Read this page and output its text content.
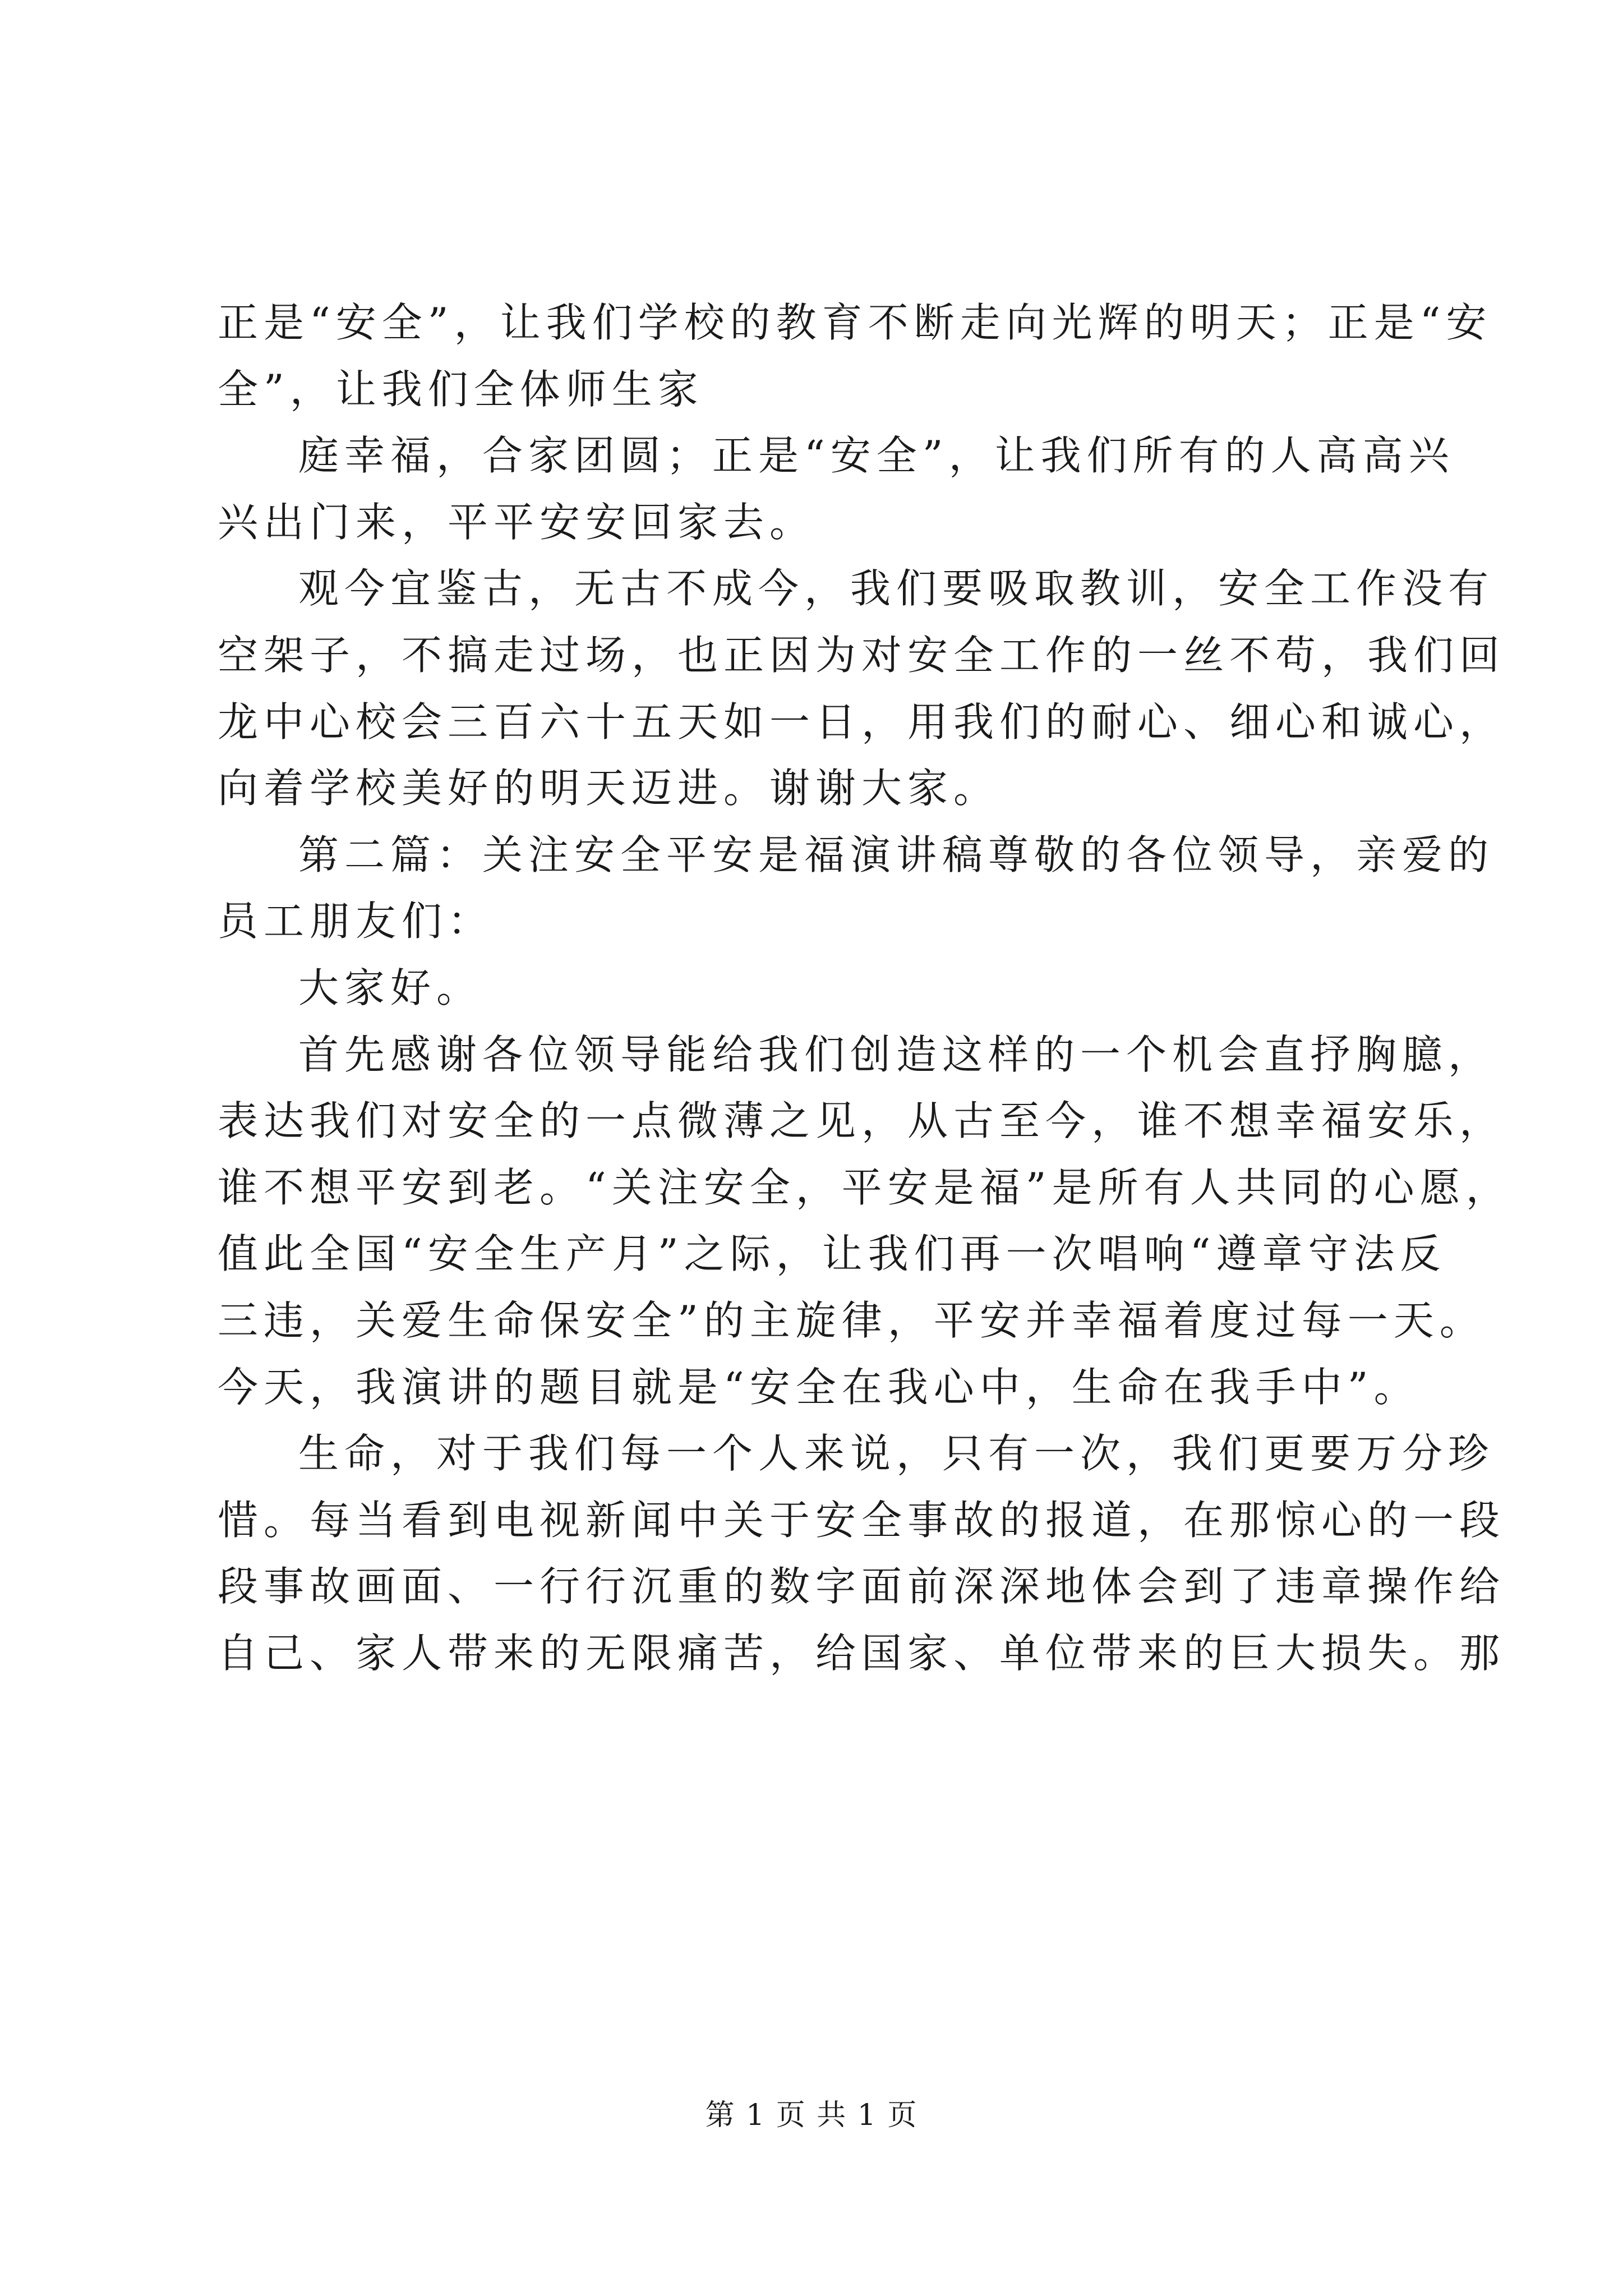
正是“安全”，让我们学校的教育不断走向光辉的明天；正是“安
全”，让我们全体师生家
庭幸福，合家团圆；正是“安全”，让我们所有的人高高兴
兴出门来，平平安安回家去。
观今宜鉴古，无古不成今，我们要吸取教训，安全工作没有
空架子，不搞走过场，也正因为对安全工作的一丝不苟，我们回
龙中心校会三百六十五天如一日，用我们的耐心、细心和诚心，
向着学校美好的明天迈进。谢谢大家。
第二篇：关注安全平安是福演讲稿尊敬的各位领导，亲爱的
员工朋友们：
大家好。
首先感谢各位领导能给我们创造这样的一个机会直抒胸臆，
表达我们对安全的一点微薄之见，从古至今，谁不想幸福安乐，
谁不想平安到老。“关注安全，平安是福”是所有人共同的心愿，
值此全国“安全生产月”之际，让我们再一次唱响“遵章守法反
三违，关爱生命保安全”的主旋律，平安并幸福着度过每一天。
今天，我演讲的题目就是“安全在我心中，生命在我手中”。
生命，对于我们每一个人来说，只有一次，我们更要万分珍
惜。每当看到电视新闻中关于安全事故的报道，在那惊心的一段
段事故画面、一行行沉重的数字面前深深地体会到了违章操作给
自己、家人带来的无限痛苦，给国家、单位带来的巨大损失。那
第 1 页 共 1 页
